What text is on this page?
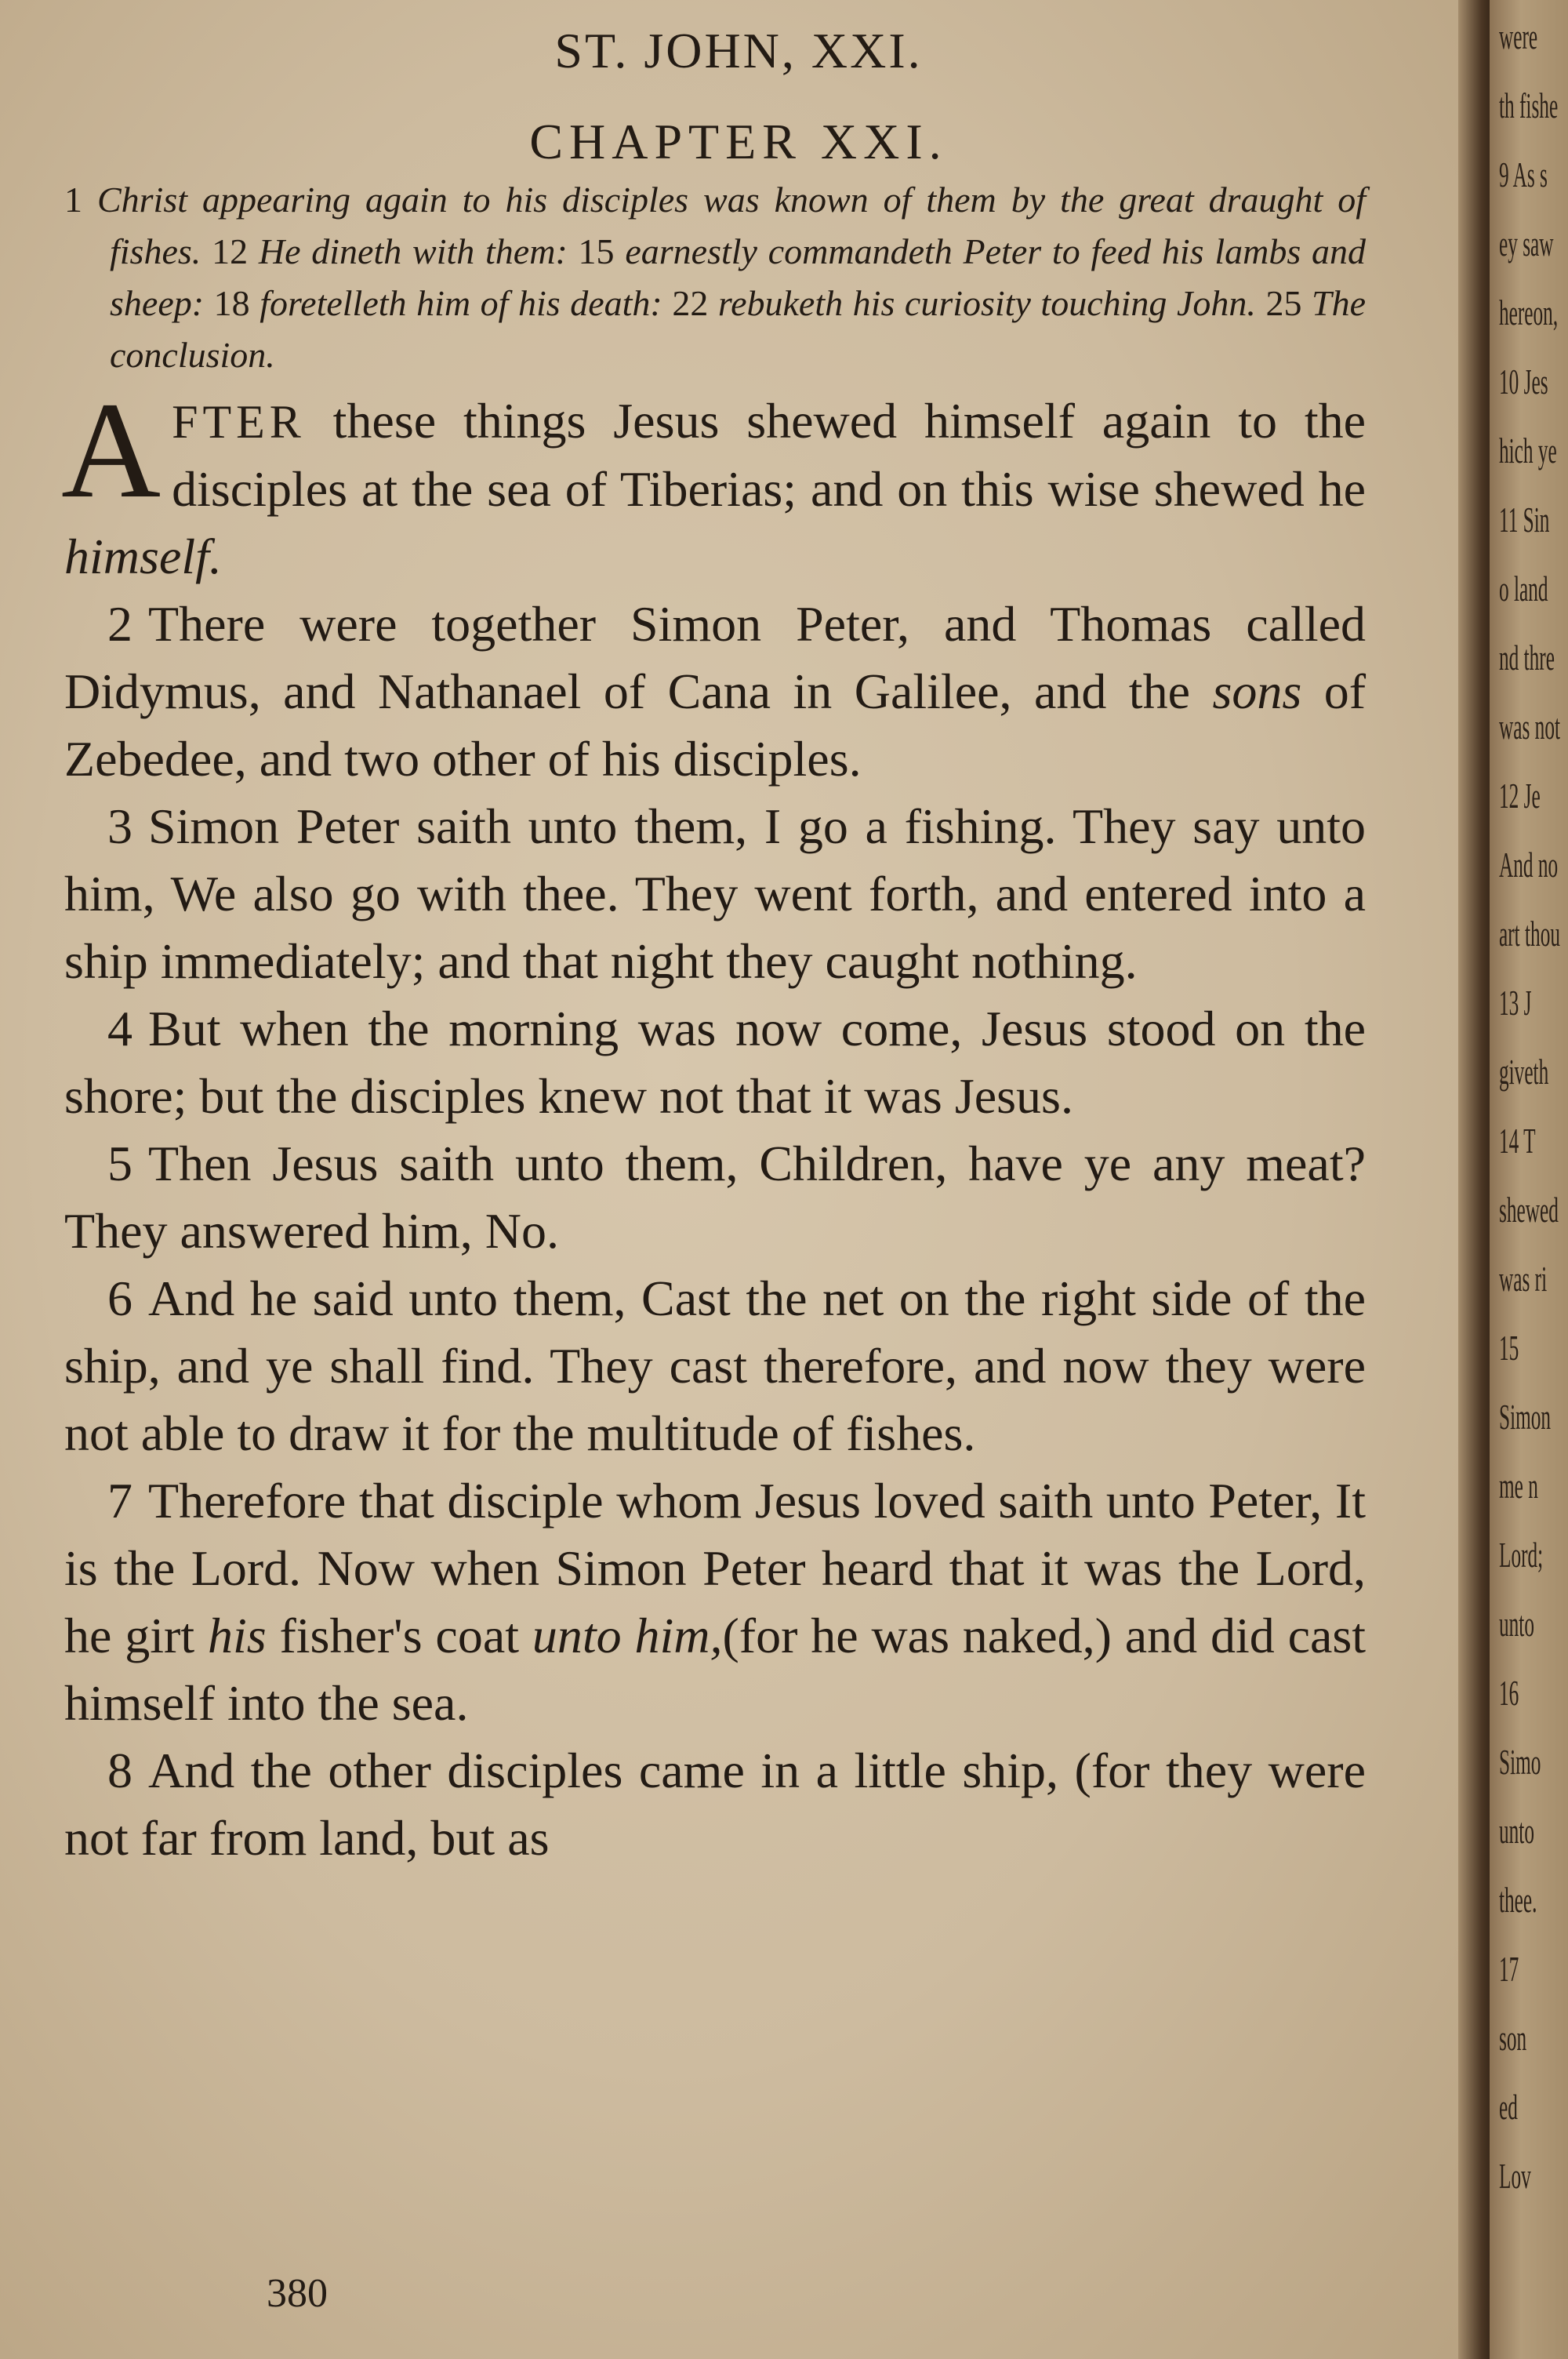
ST. JOHN, XXI.
CHAPTER XXI.
1 Christ appearing again to his disciples was known of them by the great draught of fishes. 12 He dineth with them: 15 earnestly commandeth Peter to feed his lambs and sheep: 18 foretelleth him of his death: 22 rebuketh his curiosity touching John. 25 The conclusion.

A FTER these things Jesus shewed himself again to the disciples at the sea of Tiberias; and on this wise shewed he himself.

2 There were together Simon Peter, and Thomas called Didymus, and Nathanael of Cana in Galilee, and the sons of Zebedee, and two other of his disciples.

3 Simon Peter saith unto them, I go a fishing. They say unto him, We also go with thee. They went forth, and entered into a ship immediately; and that night they caught nothing.

4 But when the morning was now come, Jesus stood on the shore; but the disciples knew not that it was Jesus.

5 Then Jesus saith unto them, Children, have ye any meat? They answered him, No.

6 And he said unto them, Cast the net on the right side of the ship, and ye shall find. They cast therefore, and now they were not able to draw it for the multitude of fishes.

7 Therefore that disciple whom Jesus loved saith unto Peter, It is the Lord. Now when Simon Peter heard that it was the Lord, he girt his fisher's coat unto him,(for he was naked,) and did cast himself into the sea.

8 And the other disciples came in a little ship, (for they were not far from land, but as

380
were
th fishe
9 As s
ey saw
hereon,
10 Jes
hich ye
11 Sin
o land
nd thre
was not
12 Je
And no
art thou
13 J
giveth
14 T
shewed
was ri
15
Simon
me n
Lord;
unto
16
Simo
unto
thee.
17
son
ed
Lov
